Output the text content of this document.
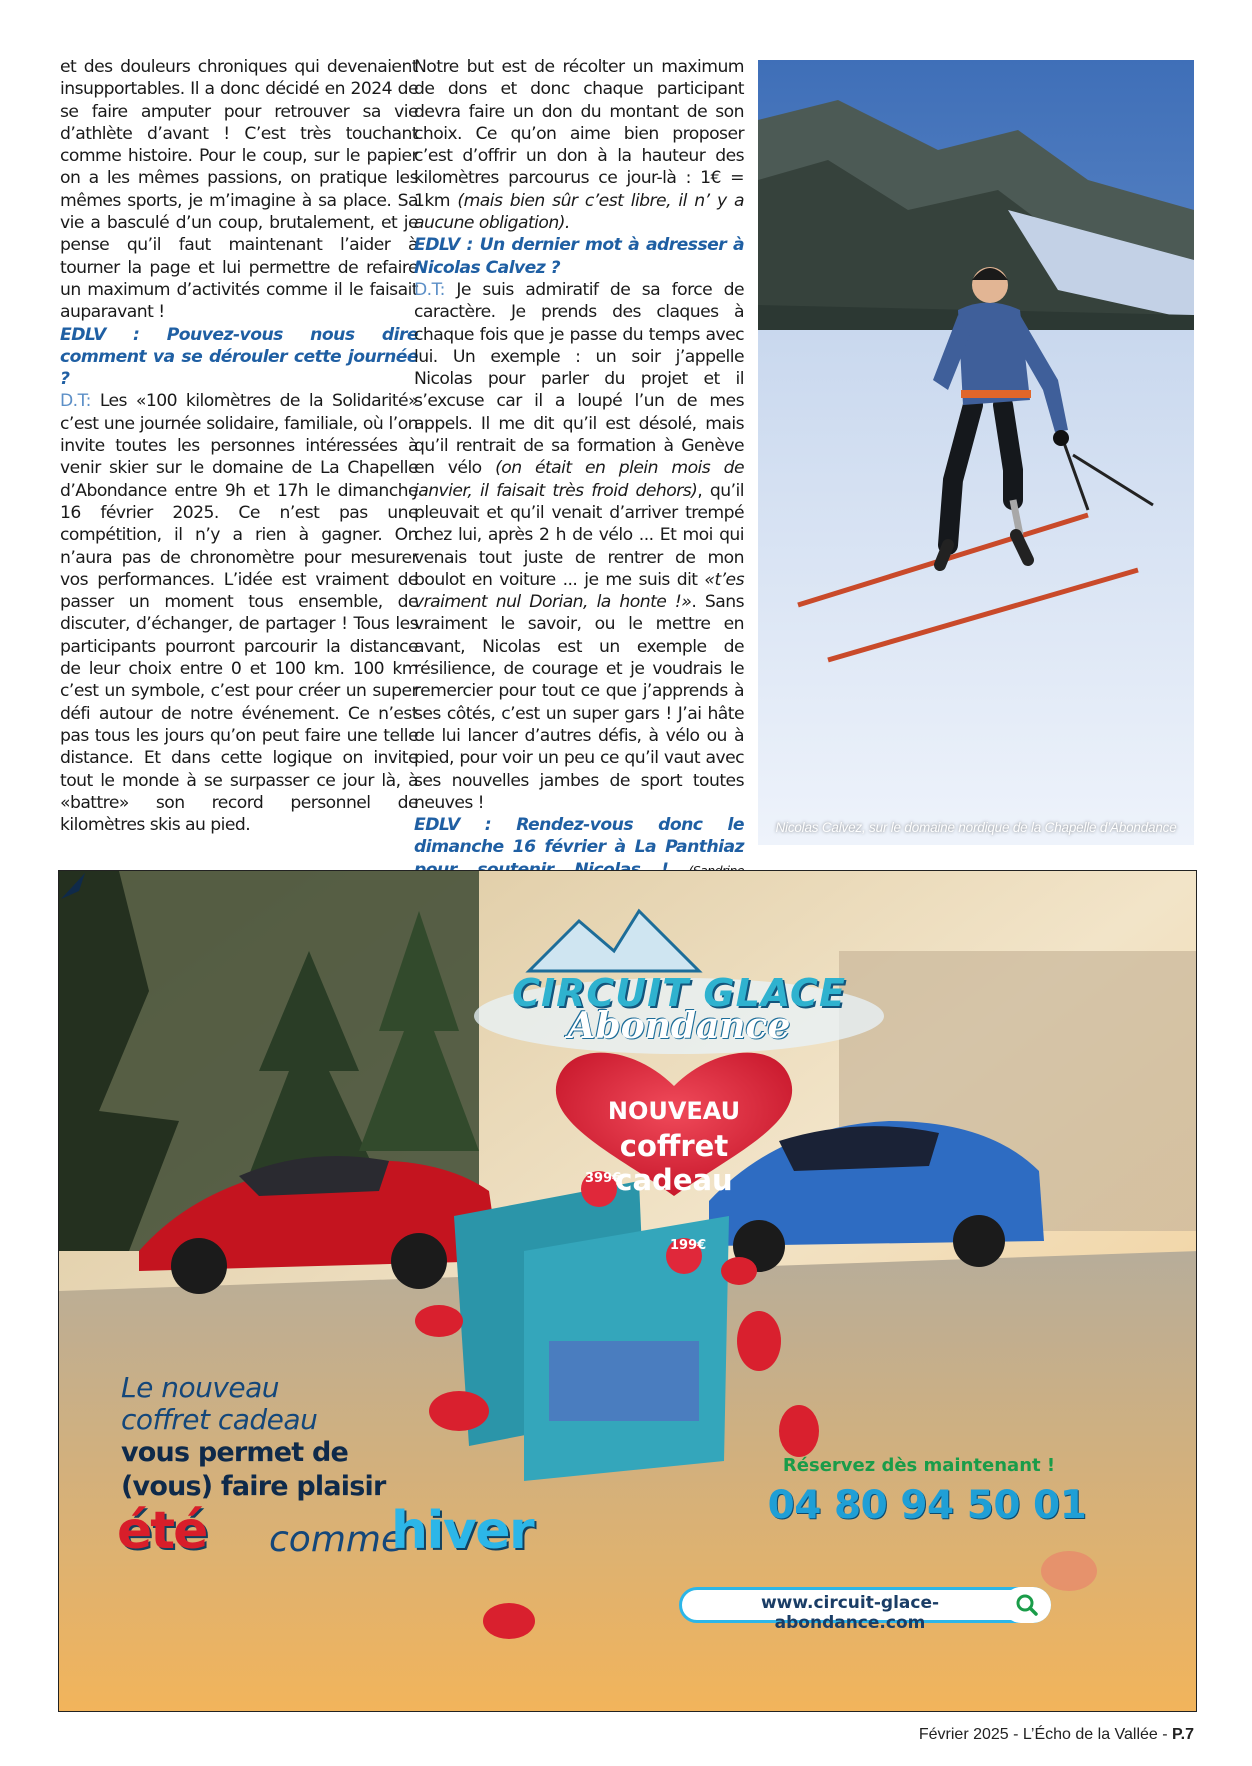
et des douleurs chroniques qui devenaient insupportables. Il a donc décidé en 2024 de se faire amputer pour retrouver sa vie d’athlète d’avant ! C’est très touchant comme histoire. Pour le coup, sur le papier on a les mêmes passions, on pratique les mêmes sports, je m’imagine à sa place. Sa vie a basculé d’un coup, brutalement, et je pense qu’il faut maintenant l’aider à tourner la page et lui permettre de refaire un maximum d’activités comme il le faisait auparavant !

EDLV : Pouvez-vous nous dire comment va se dérouler cette journée ?

D.T: Les «100 kilomètres de la Solidarité» c’est une journée solidaire, familiale, où l’on invite toutes les personnes intéressées à venir skier sur le domaine de La Chapelle d’Abondance entre 9h et 17h le dimanche 16 février 2025. Ce n’est pas une compétition, il n’y a rien à gagner. On n’aura pas de chronomètre pour mesurer vos performances. L’idée est vraiment de passer un moment tous ensemble, de discuter, d’échanger, de partager ! Tous les participants pourront parcourir la distance de leur choix entre 0 et 100 km. 100 km c’est un symbole, c’est pour créer un super défi autour de notre événement. Ce n’est pas tous les jours qu’on peut faire une telle distance. Et dans cette logique on invite tout le monde à se surpasser ce jour là, à «battre» son record personnel de kilomètres skis au pied.

Notre but est de récolter un maximum de dons et donc chaque participant devra faire un don du montant de son choix. Ce qu’on aime bien proposer c’est d’offrir un don à la hauteur des kilomètres parcourus ce jour-là : 1€ = 1km (mais bien sûr c’est libre, il n’ y a aucune obligation).

EDLV : Un dernier mot à adresser à Nicolas Calvez ?

D.T: Je suis admiratif de sa force de caractère. Je prends des claques à chaque fois que je passe du temps avec lui. Un exemple : un soir j’appelle Nicolas pour parler du projet et il s’excuse car il a loupé l’un de mes appels. Il me dit qu’il est désolé, mais qu’il rentrait de sa formation à Genève en vélo (on était en plein mois de janvier, il faisait très froid dehors), qu’il pleuvait et qu’il venait d’arriver trempé chez lui, après 2 h de vélo ... Et moi qui venais tout juste de rentrer de mon boulot en voiture ... je me suis dit «t’es vraiment nul Dorian, la honte !». Sans vraiment le savoir, ou le mettre en avant, Nicolas est un exemple de résilience, de courage et je voudrais le remercier pour tout ce que j’apprends à ses côtés, c’est un super gars ! J’ai hâte de lui lancer d’autres défis, à vélo ou à pied, pour voir un peu ce qu’il vaut avec ses nouvelles jambes de sport toutes neuves !

EDLV : Rendez-vous donc le dimanche 16 février à La Panthiaz

Nicolas Calvez, sur le domaine nordique de la Chapelle d’Abondance
CIRCUIT GLACE
Abondance
NOUVEAU
coffret
cadeau
399€
199€
Le nouveau
coffret cadeau
vous permet de
(vous) faire plaisir
été comme
hiver
Réservez dès maintenant !
04 80 94 50 01
www.circuit-glace-abondance.com
Février 2025 - L’Écho de la Vallée - P.7
